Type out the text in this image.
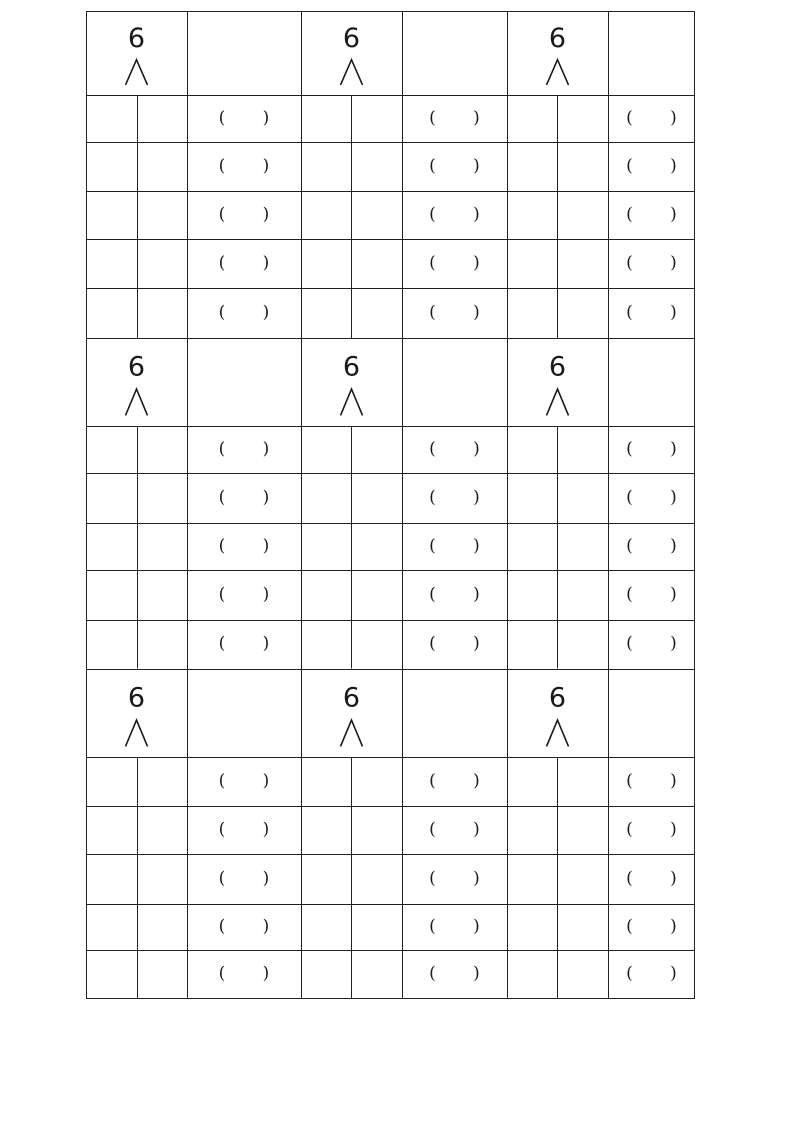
6
( )
( )
( )
( )
( )
6
( )
( )
( )
( )
( )
6
( )
( )
( )
( )
( )
6
( )
( )
( )
( )
( )
6
( )
( )
( )
( )
( )
6
( )
( )
( )
( )
( )
6
( )
( )
( )
( )
( )
6
( )
( )
( )
( )
( )
6
( )
( )
( )
( )
( )
